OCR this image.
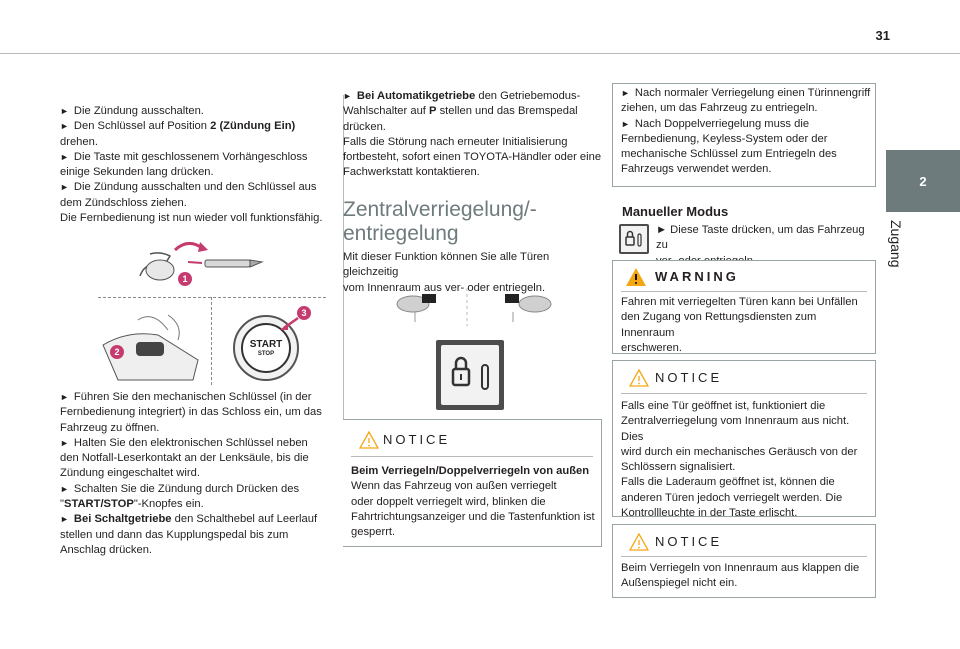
31
2
Zugang

► Die Zündung ausschalten.

► Den Schlüssel auf Position 2 (Zündung Ein)

drehen.

► Die Taste mit geschlossenem Vorhängeschloss

einige Sekunden lang drücken.

► Die Zündung ausschalten und den Schlüssel aus

dem Zündschloss ziehen.

Die Fernbedienung ist nun wieder voll funktionsfähig.

1
2
START
STOP
3

► Führen Sie den mechanischen Schlüssel (in der

Fernbedienung integriert) in das Schloss ein, um das

Fahrzeug zu öffnen.

► Halten Sie den elektronischen Schlüssel neben

den Notfall-Leserkontakt an der Lenksäule, bis die

Zündung eingeschaltet wird.

► Schalten Sie die Zündung durch Drücken des

"START/STOP"-Knopfes ein.

► Bei Schaltgetriebe den Schalthebel auf Leerlauf

stellen und dann das Kupplungspedal bis zum

Anschlag drücken.

► Bei Automatikgetriebe den Getriebemodus-

Wahlschalter auf P stellen und das Bremspedal

drücken.

Falls die Störung nach erneuter Initialisierung

fortbesteht, sofort einen TOYOTA-Händler oder eine

Fachwerkstatt kontaktieren.

Zentralverriegelung/-
entriegelung

Mit dieser Funktion können Sie alle Türen gleichzeitig

vom Innenraum aus ver- oder entriegeln.

NOTICE

Beim Verriegeln/Doppelverriegeln von außen

Wenn das Fahrzeug von außen verriegelt

oder doppelt verriegelt wird, blinken die

Fahrtrichtungsanzeiger und die Tastenfunktion ist

gesperrt.

► Nach normaler Verriegelung einen Türinnengriff

ziehen, um das Fahrzeug zu entriegeln.

► Nach Doppelverriegelung muss die

Fernbedienung, Keyless-System oder der

mechanische Schlüssel zum Entriegeln des

Fahrzeugs verwendet werden.

Manueller Modus

► Diese Taste drücken, um das Fahrzeug zu

WARNING

Fahren mit verriegelten Türen kann bei Unfällen

den Zugang von Rettungsdiensten zum Innenraum

erschweren.

NOTICE

Falls eine Tür geöffnet ist, funktioniert die

Zentralverriegelung vom Innenraum aus nicht. Dies

wird durch ein mechanisches Geräusch von der

Schlössern signalisiert.

Falls die Laderaum geöffnet ist, können die

anderen Türen jedoch verriegelt werden. Die

Kontrollleuchte in der Taste erlischt.

NOTICE

Beim Verriegeln von Innenraum aus klappen die

Außenspiegel nicht ein.
